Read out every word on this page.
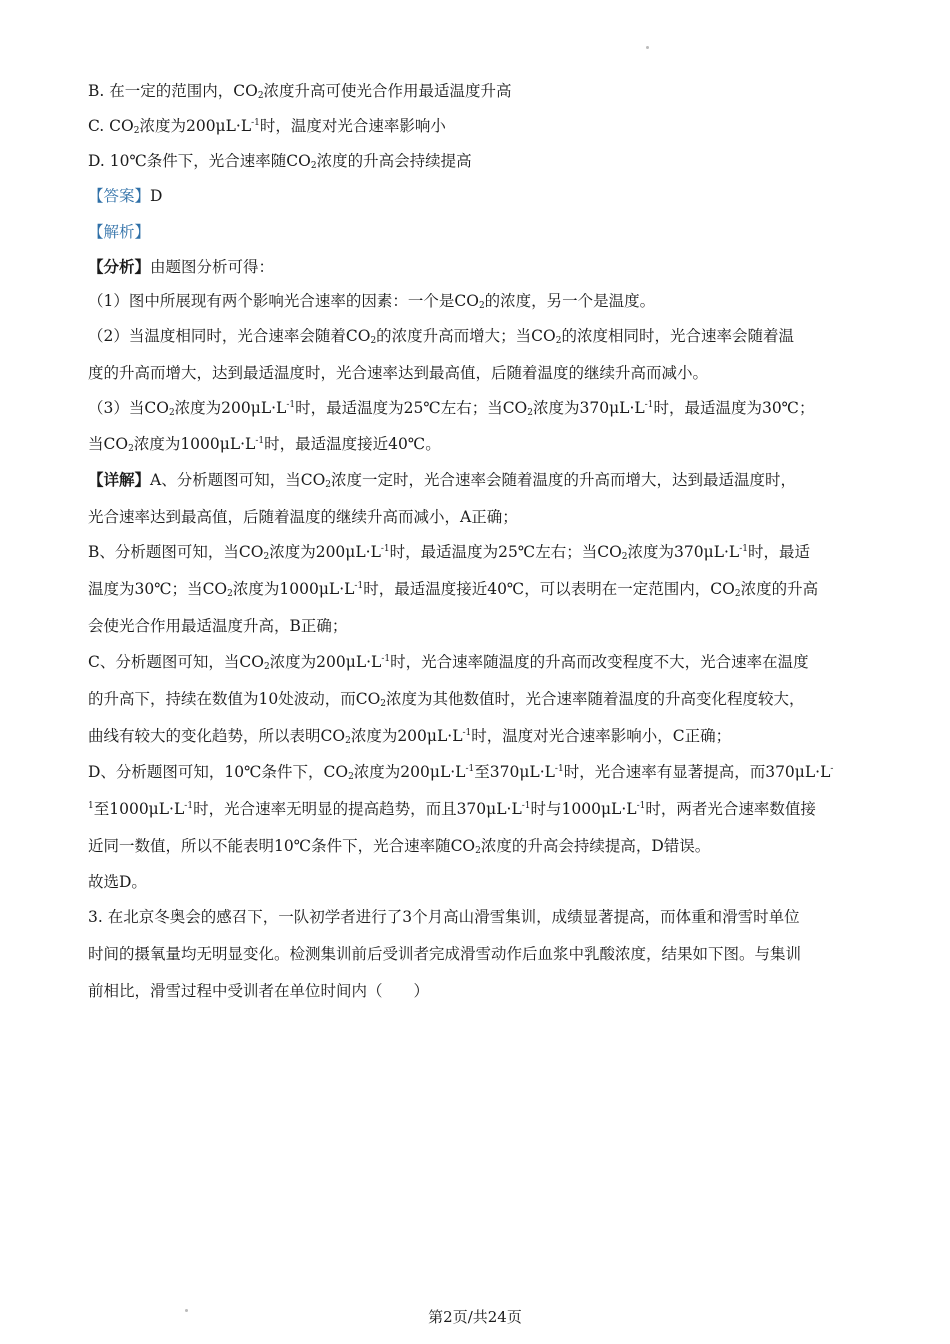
B. 在一定的范围内，$CO_2$浓度升高可使光合作用最适温度升高
C. $CO_2$浓度为$200\mu L\cdot L^{-1}$时，温度对光合速率影响小
D. 10℃条件下，光合速率随$CO_2$浓度的升高会持续提高
【答案】D
【解析】
【分析】由题图分析可得：
（1）图中所展现有两个影响光合速率的因素：一个是$CO_2$的浓度，另一个是温度。
（2）当温度相同时，光合速率会随着$CO_2$的浓度升高而增大；当$CO_2$的浓度相同时，光合速率会随着温
度的升高而增大，达到最适温度时，光合速率达到最高值，后随着温度的继续升高而减小。
（3）当$CO_2$浓度为$200\mu L\cdot L^{-1}$时，最适温度为25℃左右；当$CO_2$浓度为$370\mu L\cdot L^{-1}$时，最适温度为30℃；
当$CO_2$浓度为$1000\mu L\cdot L^{-1}$时，最适温度接近40℃。
【详解】A、分析题图可知，当$CO_2$浓度一定时，光合速率会随着温度的升高而增大，达到最适温度时，
光合速率达到最高值，后随着温度的继续升高而减小，A正确；
B、分析题图可知，当$CO_2$浓度为$200\mu L\cdot L^{-1}$时，最适温度为25℃左右；当$CO_2$浓度为$370\mu L\cdot L^{-1}$时，最适
温度为30℃；当$CO_2$浓度为$1000\mu L\cdot L^{-1}$时，最适温度接近40℃，可以表明在一定范围内，$CO_2$浓度的升高
会使光合作用最适温度升高，B正确；
C、分析题图可知，当$CO_2$浓度为$200\mu L\cdot L^{-1}$时，光合速率随温度的升高而改变程度不大，光合速率在温度
的升高下，持续在数值为10处波动，而$CO_2$浓度为其他数值时，光合速率随着温度的升高变化程度较大，
曲线有较大的变化趋势，所以表明$CO_2$浓度为$200\mu L\cdot L^{-1}$时，温度对光合速率影响小，C正确；
D、分析题图可知，10℃条件下，$CO_2$浓度为$200\mu L\cdot L^{-1}$至$370\mu L\cdot L^{-1}$时，光合速率有显著提高，而370μL·L-
$^1$至$1000\mu L\cdot L^{-1}$时，光合速率无明显的提高趋势，而且$370\mu L\cdot L^{-1}$时与$1000\mu L\cdot L^{-1}$时，两者光合速率数值接
近同一数值，所以不能表明10℃条件下，光合速率随$CO_2$浓度的升高会持续提高，D错误。
故选D。
3. 在北京冬奥会的感召下，一队初学者进行了3个月高山滑雪集训，成绩显著提高，而体重和滑雪时单位
时间的摄氧量均无明显变化。检测集训前后受训者完成滑雪动作后血浆中乳酸浓度，结果如下图。与集训
前相比，滑雪过程中受训者在单位时间内（　　）
第2页/共24页
